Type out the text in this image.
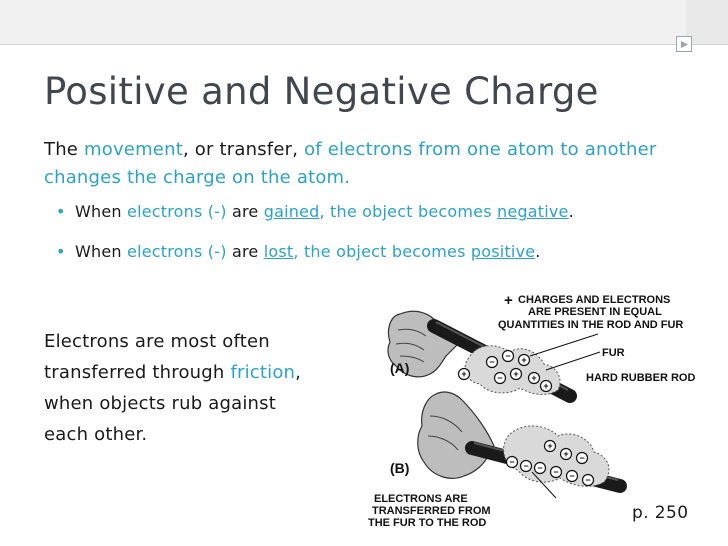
Positive and Negative Charge
The movement, or transfer, of electrons from one atom to another changes the charge on the atom.
• When electrons (-) are gained, the object becomes negative.
• When electrons (-) are lost, the object becomes positive.
Electrons are most often
transferred through friction,
when objects rub against
each other.
−
− +
− + +
+
+
− − − − − −
+
+ −
+ CHARGES AND ELECTRONS
ARE PRESENT IN EQUAL
QUANTITIES IN THE ROD AND FUR
FUR
HARD RUBBER ROD
(A)
(B)
ELECTRONS ARE
TRANSFERRED FROM
THE FUR TO THE ROD	p. 250
